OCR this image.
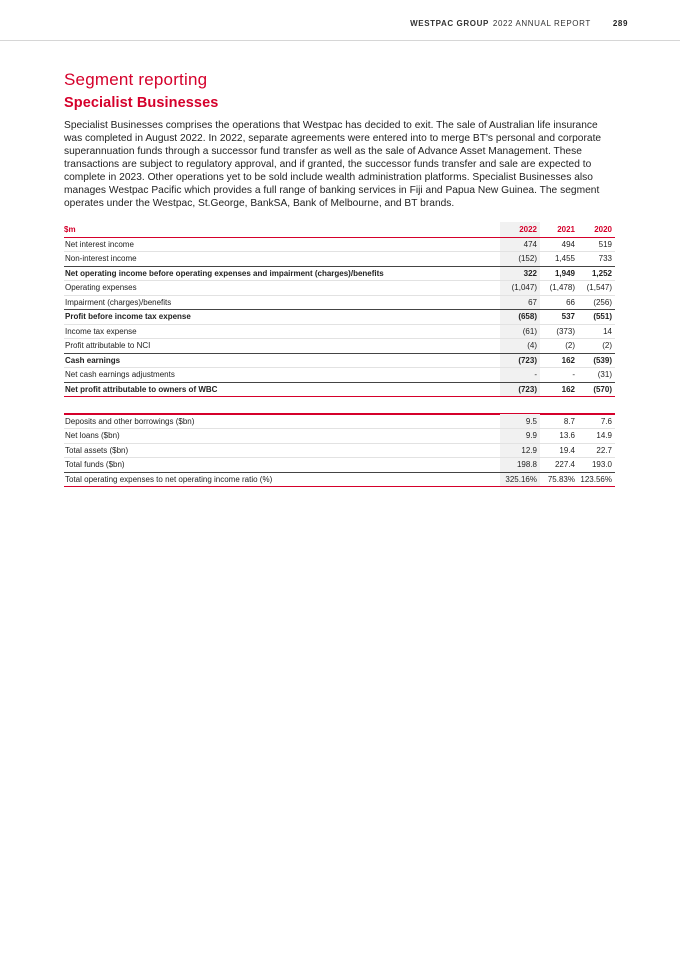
WESTPAC GROUP 2022 ANNUAL REPORT	289
Segment reporting
Specialist Businesses

Specialist Businesses comprises the operations that Westpac has decided to exit. The sale of Australian life insurance was completed in August 2022. In 2022, separate agreements were entered into to merge BT's personal and corporate superannuation funds through a successor fund transfer as well as the sale of Advance Asset Management. These transactions are subject to regulatory approval, and if granted, the successor funds transfer and sale are expected to complete in 2023. Other operations yet to be sold include wealth administration platforms. Specialist Businesses also manages Westpac Pacific which provides a full range of banking services in Fiji and Papua New Guinea. The segment operates under the Westpac, St.George, BankSA, Bank of Melbourne, and BT brands.

$m	2022	2021	2020
Net interest income	474	494	519
Non-interest income	(152)	1,455	733
Net operating income before operating expenses and impairment (charges)/benefits	322	1,949	1,252
Operating expenses	(1,047)	(1,478)	(1,547)
Impairment (charges)/benefits	67	66	(256)
Profit before income tax expense	(658)	537	(551)
Income tax expense	(61)	(373)	14
Profit attributable to NCI	(4)	(2)	(2)
Cash earnings	(723)	162	(539)
Net cash earnings adjustments	-	-	(31)
Net profit attributable to owners of WBC	(723)	162	(570)
Deposits and other borrowings ($bn)	9.5	8.7	7.6
Net loans ($bn)	9.9	13.6	14.9
Total assets ($bn)	12.9	19.4	22.7
Total funds ($bn)	198.8	227.4	193.0
Total operating expenses to net operating income ratio (%)	325.16%	75.83%	123.56%
